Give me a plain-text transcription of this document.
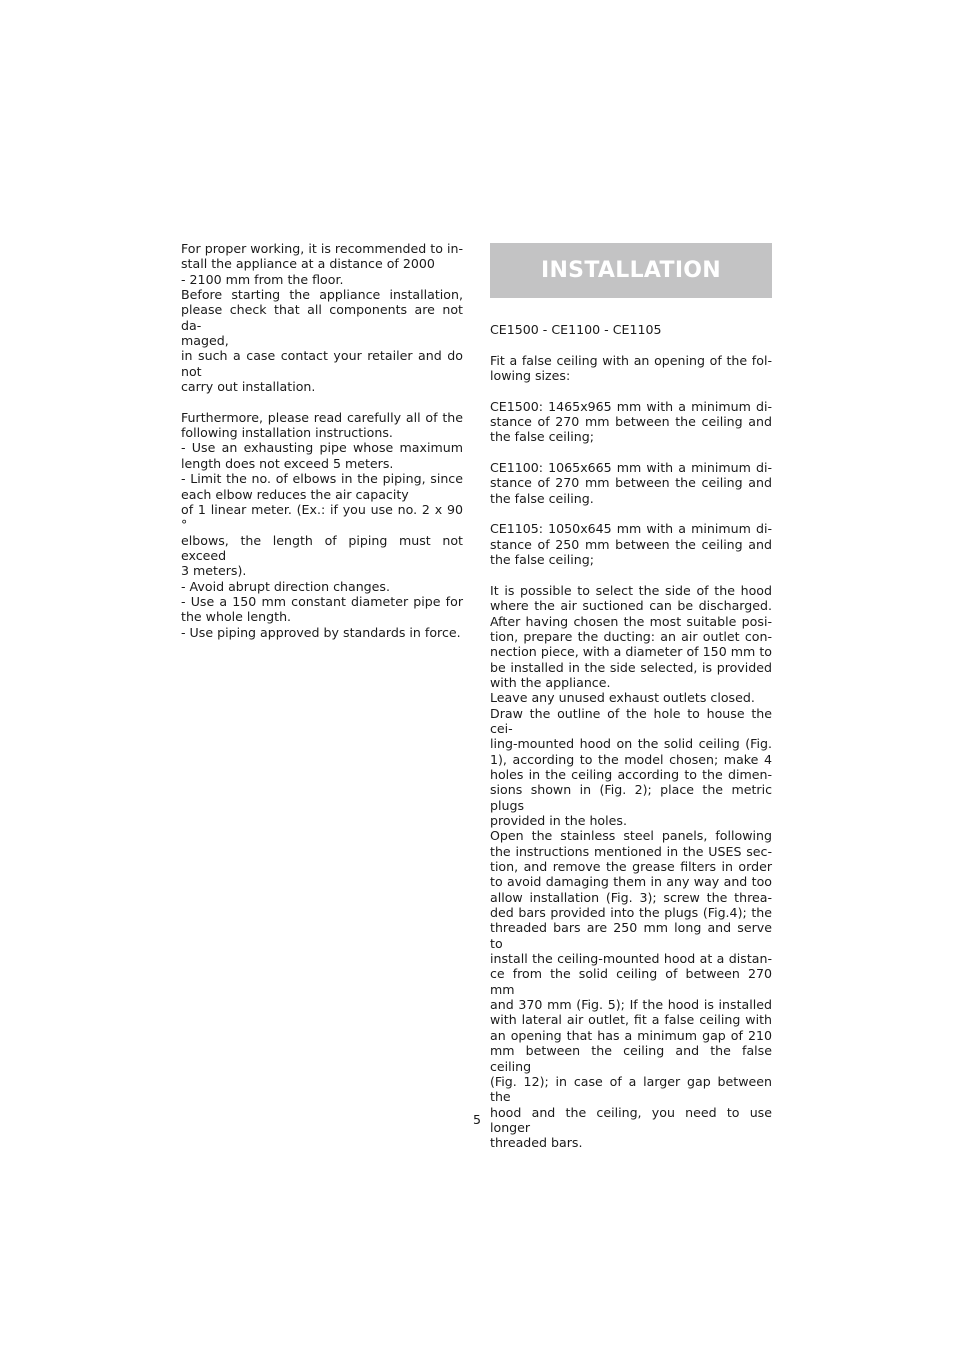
For proper working, it is recommended to in-
stall the appliance at a distance of 2000
- 2100 mm from the floor.
Before starting the appliance installation,
please check that all components are not da-
maged,
in such a case contact your retailer and do not
carry out installation.
Furthermore, please read carefully all of the
following installation instructions.
- Use an exhausting pipe whose maximum
length does not exceed 5 meters.
- Limit the no. of elbows in the piping, since
each elbow reduces the air capacity
of 1 linear meter. (Ex.: if you use no. 2 x 90 °
elbows, the length of piping must not exceed
3 meters).
- Avoid abrupt direction changes.
- Use a 150 mm constant diameter pipe for
the whole length.
- Use piping approved by standards in force.
INSTALLATION
CE1500 - CE1100 - CE1105
Fit a false ceiling with an opening of the fol-
lowing sizes:
CE1500: 1465x965 mm with a minimum di-
stance of 270 mm between the ceiling and
the false ceiling;
CE1100: 1065x665 mm with a minimum di-
stance of 270 mm between the ceiling and
the false ceiling.
CE1105: 1050x645 mm with a minimum di-
stance of 250 mm between the ceiling and
the false ceiling;
It is possible to select the side of the hood
where the air suctioned can be discharged.
After having chosen the most suitable posi-
tion, prepare the ducting: an air outlet con-
nection piece, with a diameter of 150 mm to
be installed in the side selected, is provided
with the appliance.
Leave any unused exhaust outlets closed.
Draw the outline of the hole to house the cei-
ling-mounted hood on the solid ceiling (Fig.
1), according to the model chosen; make 4
holes in the ceiling according to the dimen-
sions shown in (Fig. 2); place the metric plugs
provided in the holes.
Open the stainless steel panels, following
the instructions mentioned in the USES sec-
tion, and remove the grease filters in order
to avoid damaging them in any way and too
allow installation (Fig. 3); screw the threa-
ded bars provided into the plugs (Fig.4); the
threaded bars are 250 mm long and serve to
install the ceiling-mounted hood at a distan-
ce from the solid ceiling of between 270 mm
and 370 mm (Fig. 5); If the hood is installed
with lateral air outlet, fit a false ceiling with
an opening that has a minimum gap of 210
mm between the ceiling and the false ceiling
(Fig. 12); in case of a larger gap between the
hood and the ceiling, you need to use longer
threaded bars.
5
